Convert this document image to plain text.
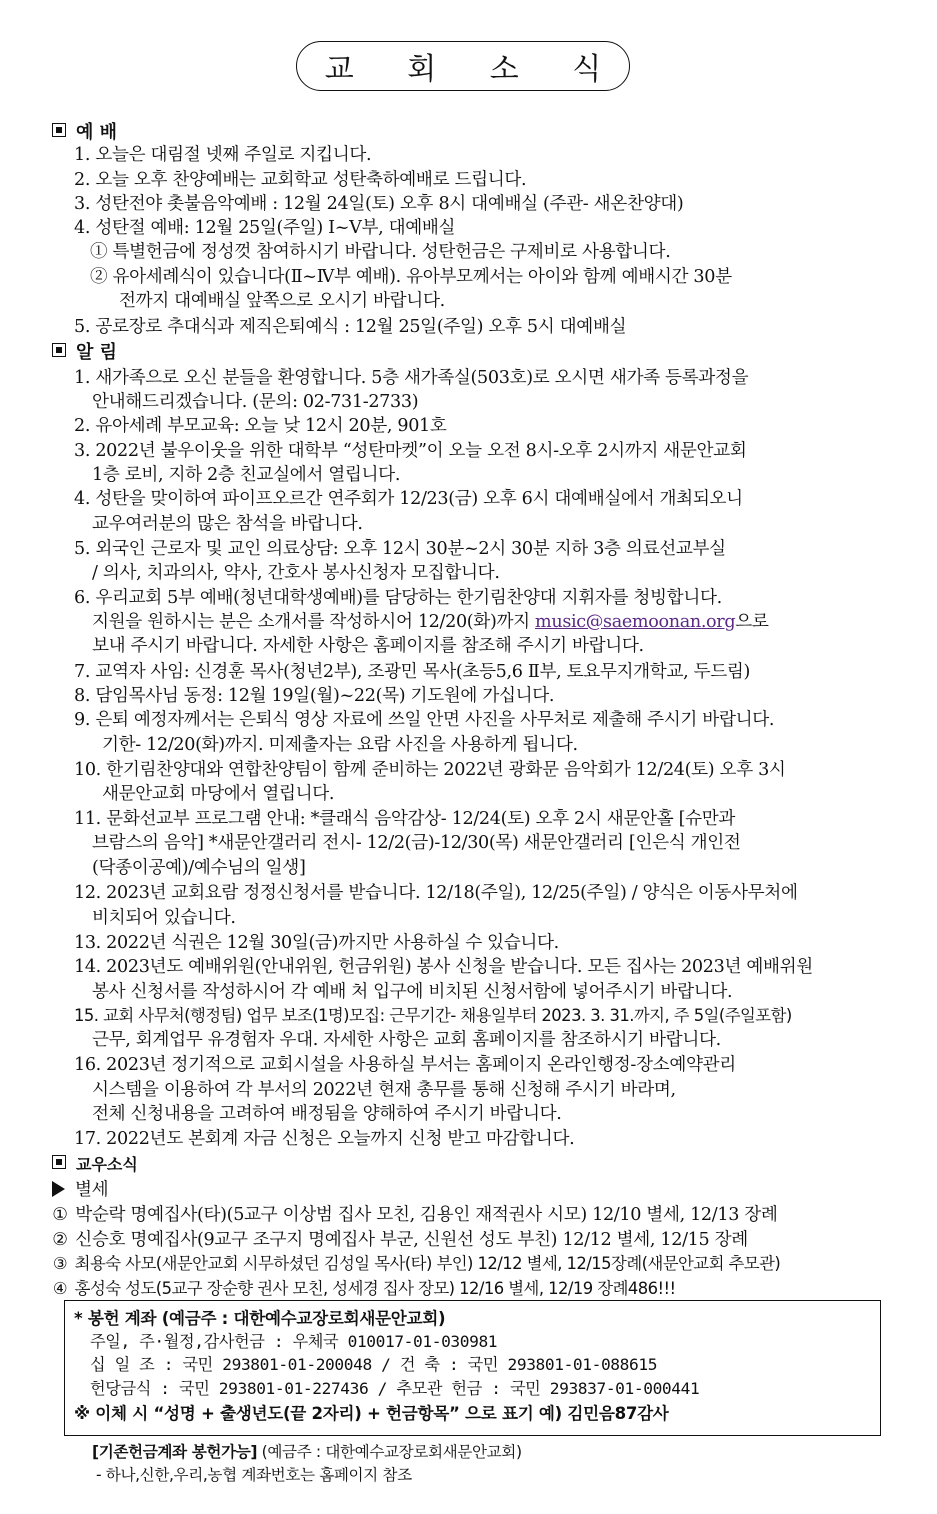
교 회 소 식
예 배
1. 오늘은 대림절 넷째 주일로 지킵니다.
2. 오늘 오후 찬양예배는 교회학교 성탄축하예배로 드립니다.
3. 성탄전야 촛불음악예배 : 12월 24일(토) 오후 8시 대예배실 (주관- 새온찬양대)
4. 성탄절 예배: 12월 25일(주일) Ⅰ~Ⅴ부, 대예배실
① 특별헌금에 정성껏 참여하시기 바랍니다. 성탄헌금은 구제비로 사용합니다.
② 유아세례식이 있습니다(Ⅱ~Ⅳ부 예배). 유아부모께서는 아이와 함께 예배시간 30분
전까지 대예배실 앞쪽으로 오시기 바랍니다.
5. 공로장로 추대식과 제직은퇴예식 : 12월 25일(주일) 오후 5시 대예배실
알 림
1. 새가족으로 오신 분들을 환영합니다. 5층 새가족실(503호)로 오시면 새가족 등록과정을
안내해드리겠습니다. (문의: 02-731-2733)
2. 유아세례 부모교육: 오늘 낮 12시 20분, 901호
3. 2022년 불우이웃을 위한 대학부 “성탄마켓”이 오늘 오전 8시-오후 2시까지 새문안교회
1층 로비, 지하 2층 친교실에서 열립니다.
4. 성탄을 맞이하여 파이프오르간 연주회가 12/23(금) 오후 6시 대예배실에서 개최되오니
교우여러분의 많은 참석을 바랍니다.
5. 외국인 근로자 및 교인 의료상담: 오후 12시 30분~2시 30분 지하 3층 의료선교부실
/ 의사, 치과의사, 약사, 간호사 봉사신청자 모집합니다.
6. 우리교회 5부 예배(청년대학생예배)를 담당하는 한기림찬양대 지휘자를 청빙합니다.
지원을 원하시는 분은 소개서를 작성하시어 12/20(화)까지 music@saemoonan.org으로
보내 주시기 바랍니다. 자세한 사항은 홈페이지를 참조해 주시기 바랍니다.
7. 교역자 사임: 신경훈 목사(청년2부), 조광민 목사(초등5,6 Ⅱ부, 토요무지개학교, 두드림)
8. 담임목사님 동정: 12월 19일(월)~22(목) 기도원에 가십니다.
9. 은퇴 예정자께서는 은퇴식 영상 자료에 쓰일 안면 사진을 사무처로 제출해 주시기 바랍니다.
기한- 12/20(화)까지. 미제출자는 요람 사진을 사용하게 됩니다.
10. 한기림찬양대와 연합찬양팀이 함께 준비하는 2022년 광화문 음악회가 12/24(토) 오후 3시
새문안교회 마당에서 열립니다.
11. 문화선교부 프로그램 안내: *클래식 음악감상- 12/24(토) 오후 2시 새문안홀 [슈만과
브람스의 음악] *새문안갤러리 전시- 12/2(금)-12/30(목) 새문안갤러리 [인은식 개인전
(닥종이공예)/예수님의 일생]
12. 2023년 교회요람 정정신청서를 받습니다. 12/18(주일), 12/25(주일) / 양식은 이동사무처에
비치되어 있습니다.
13. 2022년 식권은 12월 30일(금)까지만 사용하실 수 있습니다.
14. 2023년도 예배위원(안내위원, 헌금위원) 봉사 신청을 받습니다. 모든 집사는 2023년 예배위원
봉사 신청서를 작성하시어 각 예배 처 입구에 비치된 신청서함에 넣어주시기 바랍니다.
15. 교회 사무처(행정팀) 업무 보조(1명)모집: 근무기간- 채용일부터 2023. 3. 31.까지, 주 5일(주일포함)
근무, 회계업무 유경험자 우대. 자세한 사항은 교회 홈페이지를 참조하시기 바랍니다.
16. 2023년 정기적으로 교회시설을 사용하실 부서는 홈페이지 온라인행정-장소예약관리
시스템을 이용하여 각 부서의 2022년 현재 총무를 통해 신청해 주시기 바라며,
전체 신청내용을 고려하여 배정됨을 양해하여 주시기 바랍니다.
17. 2022년도 본회계 자금 신청은 오늘까지 신청 받고 마감합니다.
교우소식
별세
① 박순락 명예집사(타)(5교구 이상범 집사 모친, 김용인 재적권사 시모) 12/10 별세, 12/13 장례
② 신승호 명예집사(9교구 조구지 명예집사 부군, 신원선 성도 부친) 12/12 별세, 12/15 장례
③ 최용숙 사모(새문안교회 시무하셨던 김성일 목사(타) 부인) 12/12 별세, 12/15장례(새문안교회 추모관)
④ 홍성숙 성도(5교구 장순향 권사 모친, 성세경 집사 장모) 12/16 별세, 12/19 장례486!!!
* 봉헌 계좌 (예금주 : 대한예수교장로회새문안교회)
주일, 주·월정,감사헌금 : 우체국 010017-01-030981
십 일 조 : 국민 293801-01-200048 / 건 축 : 국민 293801-01-088615
헌당금식 : 국민 293801-01-227436 / 추모관 헌금 : 국민 293837-01-000441
※ 이체 시 “성명 + 출생년도(끝 2자리) + 헌금항목” 으로 표기 예) 김민음87감사
[기존헌금계좌 봉헌가능] (예금주 : 대한예수교장로회새문안교회)
- 하나,신한,우리,농협 계좌번호는 홈페이지 참조
